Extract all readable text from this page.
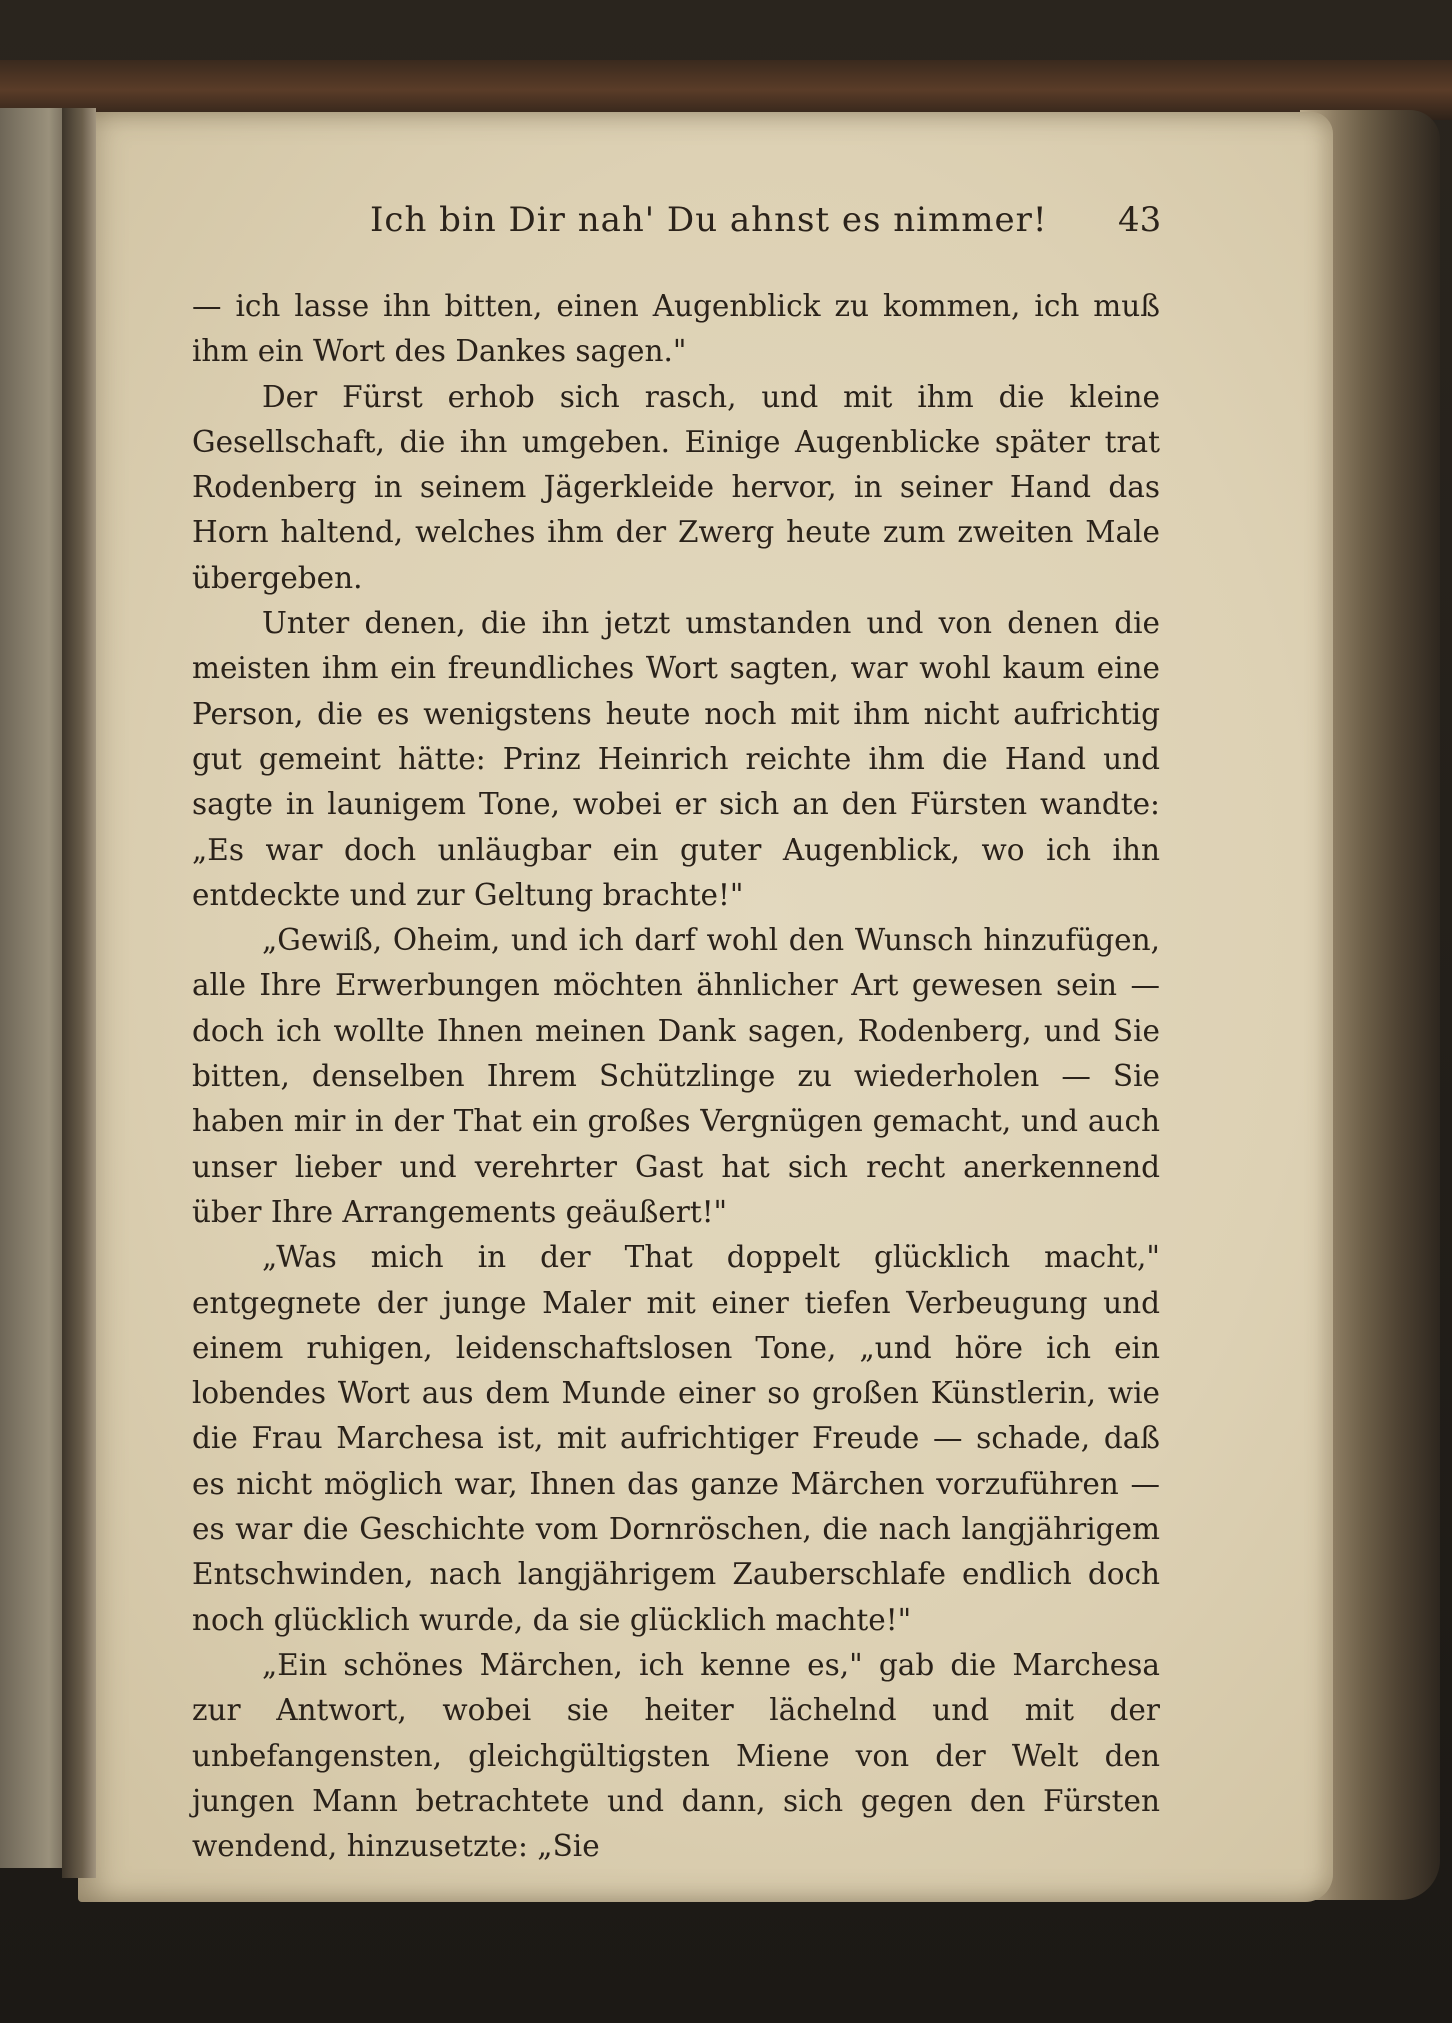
Ich bin Dir nah' Du ahnst es nimmer! 43

— ich lasse ihn bitten, einen Augenblick zu kommen, ich muß ihm ein Wort des Dankes sagen."

Der Fürst erhob sich rasch, und mit ihm die kleine Gesellschaft, die ihn umgeben. Einige Augenblicke später trat Rodenberg in seinem Jägerkleide hervor, in seiner Hand das Horn haltend, welches ihm der Zwerg heute zum zweiten Male übergeben.

Unter denen, die ihn jetzt umstanden und von denen die meisten ihm ein freundliches Wort sagten, war wohl kaum eine Person, die es wenigstens heute noch mit ihm nicht aufrichtig gut gemeint hätte: Prinz Heinrich reichte ihm die Hand und sagte in launigem Tone, wobei er sich an den Fürsten wandte: „Es war doch unläugbar ein guter Augenblick, wo ich ihn entdeckte und zur Geltung brachte!"

„Gewiß, Oheim, und ich darf wohl den Wunsch hinzufügen, alle Ihre Erwerbungen möchten ähnlicher Art gewesen sein — doch ich wollte Ihnen meinen Dank sagen, Rodenberg, und Sie bitten, denselben Ihrem Schützlinge zu wiederholen — Sie haben mir in der That ein großes Vergnügen gemacht, und auch unser lieber und verehrter Gast hat sich recht anerkennend über Ihre Arrangements geäußert!"

„Was mich in der That doppelt glücklich macht," entgegnete der junge Maler mit einer tiefen Verbeugung und einem ruhigen, leidenschaftslosen Tone, „und höre ich ein lobendes Wort aus dem Munde einer so großen Künstlerin, wie die Frau Marchesa ist, mit aufrichtiger Freude — schade, daß es nicht möglich war, Ihnen das ganze Märchen vorzuführen — es war die Geschichte vom Dornröschen, die nach langjährigem Entschwinden, nach langjährigem Zauberschlafe endlich doch noch glücklich wurde, da sie glücklich machte!"

„Ein schönes Märchen, ich kenne es," gab die Marchesa zur Antwort, wobei sie heiter lächelnd und mit der unbefangensten, gleichgültigsten Miene von der Welt den jungen Mann betrachtete und dann, sich gegen den Fürsten wendend, hinzusetzte: „Sie
